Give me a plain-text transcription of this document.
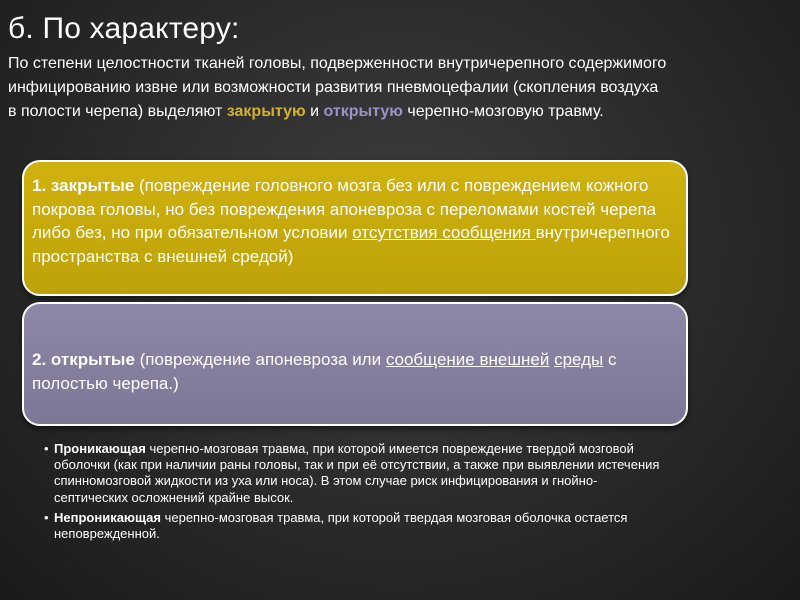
б. По характеру:
По степени целостности тканей головы, подверженности внутричерепного содержимого инфицированию извне или возможности развития пневмоцефалии (скопления воздуха в полости черепа) выделяют закрытую и открытую черепно-мозговую травму.
1. закрытые (повреждение головного мозга без или с повреждением кожного покрова головы, но без повреждения апоневроза с переломами костей черепа либо без, но при обязательном условии отсутствия сообщения внутричерепного пространства с внешней средой)
2. открытые (повреждение апоневроза или сообщение внешней среды с полостью черепа.)
• Проникающая черепно-мозговая травма, при которой имеется повреждение твердой мозговой оболочки (как при наличии раны головы, так и при её отсутствии, а также при выявлении истечения спинномозговой жидкости из уха или носа). В этом случае риск инфицирования и гнойно-септических осложнений крайне высок.
• Непроникающая черепно-мозговая травма, при которой твердая мозговая оболочка остается неповрежденной.
